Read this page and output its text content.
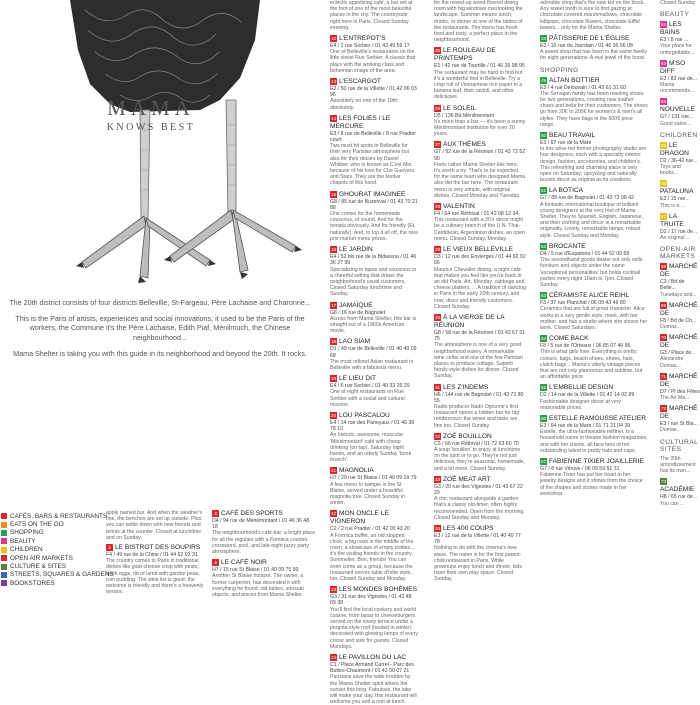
MAMA
KNOWS BEST

The 20th district consists of four districts Belleville, St-Fargeau, Père Lachaise and Charonne...

This is the Paris of artists, experiences and social innovations, it used to be the Paris of the workers, the Commune it's the Père Lachaise, Edith Piaf, Ménilmuch, the Chinese neighbourhood...

Mama Shelter is taking you with this guide in its neighborhood and beyond the 20th. It rocks.

CAFÉS, BARS & RESTAURANTS
EATS ON THE GO
SHOPPING
BEAUTY
CHILDREN
OPEN AIR MARKETS
CULTURE & SITES
STREETS, SQUARES & GARDENS
BOOKSTORES
apply named bar. And when the weather's fine, the benches are set up outside. Plus, you can settle down with new friends and tennis at the counter. Closed at lunchtime and on Sunday.
2 LE BISTROT DES SOUPIRS
F4 / 49 rue de la Chine / 01 44 62 93 31
The country comes to Paris in traditional dishes like goat-cheese crisp with pesto, fresh eggs, rib of lamb with garden peas, rum pudding. The wine list is good, the welcome is friendly and there's a heavenly terrace.
3 CAFÉ DES SPORTS
D4 / 94 rue de Ménilmontant / 01 46 36 48 18
The neighbourhood's café-bar: a bright place for all the regulars with a Formica counter, crossword, pool, and late-night jazzy party atmosphere.
4 LE CAFÉ NOIR
H7 / 15 rue St Blaise / 01 40 09 75 80
Another St Blaise hotspot. The owner, a former carpenter, has decorated it with everything he found: old tables, unusual objects, and pieces from Mama Shelter.
eclectic appetizing café, a bar set at the foot of one of the most beautiful places in the city. The countryside right here in Paris. Closed Sunday evening.
12 L'ENTREPOT'S
E4 / 2 rue Sorbier / 01 43 49 59 17
One of Belleville's restaurants on the little street Rue Sorbier. A classic that plays with the working class and bohemian image of the area.
13 L'ESCARGOT
E2 / 50 rue de la Villette / 01 42 06 03 96
Absolutely no one of the 19th: absolutely.
14 LES FOLIES / LE MERCURE
E3 / 8 rue de Belleville / 8 rue Pradier court
Two must hit spots in Belleville for their very Parisian atmosphere but also for their decors by Daniel Whitber, who is known as C'est Moi, because of his love for Che Guevara and Stars. They are the festive chapels of this hood.
15 GHOURAT IMAGINEE
G8 / 85 rue de Buzenval / 01 43 70 21 88
One comes for the homemade couscous, of sound. And for the temata obviously. And for friendly (Et, naturally). And, to top it all off, the new prix-market menu prices.
16 LE JARDIN
E4 / 52 bis rue de la Bidassoa / 01 46 36 27 99
Specializing in tapas and couscous in a cheerful setting that draws the neighborhood's usual customers. Closed Saturday lunchtime and Sunday.
17 JAMAÏQUE
G8 / 16 rue de Bagnolet
Across from Mama Shelter, this bar is straight out of a 1960s American movie.
18 LAO SIAM
D1 / 49 rue de Belleville / 01 40 40 09 68
The most refined Asian restaurant in Belleville with a fabulous menu.
19 LE LIEU DIT
E4 / 6 rue Sorbier / 01 40 33 26 29
One of eight restaurants on Rue Sorbier with a social and cultural mission.
20 LOU PASCALOU
E4 / 14 rue des Panoyaux / 01 46 36 78 10
An historic, awesome, muscular 'Ménilmontant' café with cheap drinking (on tap). Saturday night bands, and an utterly Sunday 'book brunch'.
21 MAGNOLIA
H7 / 29 rue St Blaise / 01 40 09 19 79
A few menu to sample in the St Blaise, served under a beautiful magnolia tree. Closed Sunday in winter.
22 MON ONCLE LE VIGNERON
C2 / 2 rue Pradier / 01 42 00 43 20
A Formica buffet, an old stopped clock, a big cask in the middle of the room, a showcase of empty bottles... it's the visiting friends in the country. Sommelier. Bon, friends! You can even come as a group, because the restaurant serves table d'hôte style, too. Closed Sunday and Monday.
23 LES MONDES BOHÈMES
G3 / 31 rue des Vignoles / 01 43 48 69 38
You'll find the local cookery and world cuisine, from tapas to cheeseburgers served on the lovely terrace under a pergola-style roof (heated in winter) decorated with glowing lamps of every colour and size for guests. Closed Mondays.
24 LE PAVILLON DU LAC
C1 / Place Armand Carrel - Parc des Buttes-Chaumont / 01 42 00 07 21
Parisians save the wide trodden by the Mama Shelter spirit where the sunset this long. Fabulous, the lake will make your day, this restaurant will welcome you and a rest at lunch.
for the mixed-up wood-floored dining room with big windows overlooking the landscape. Summer means lunch, drinks, or dinner at one of the tables of the restaurants. The menu has fresh food and tasty, a perfect place in the neighbourhood.
25 LE ROULEAU DE PRINTEMPS
E1 / 42 rue de Tourtille / 01 46 36 98 95
The restaurant may be hard to find but it's a wonderful find in Belleville. Try a crisp roll of Vietnamese rice paper in a banana leaf, their ravioli, and other delicacies.
26 LE SOLEIL
D5 / 136 Bd Ménilmontant
It's more than a bar — it's been a sunny Ménilmontant institution for over 20 years.
27 AUX THÈMES
G7 / 92 rue de la Réunion / 01 43 72 52 90
Feels rather Mama Shelter-like here. It's worth a try. That's to be expected, for the same team who designed Mama also did the bar here. The restaurant menu is very simple, with original dishes. Closed Monday and Tuesday.
28 VALENTIN
F4 / 64 rue Réthival / 01 42 08 12 34
This restaurant with a 30's decor might be a culinary branch of the U.N. Thai-Caribbean, Argentinian dishes, an open menu. Closed Sunday, Monday.
29 LE VIEUX BELLEVILLE
D3 / 12 rue des Envierges / 01 44 62 92 66
Maurice Chevalier dining, a night café that makes you feel like you're back in an old Paris. Art, Monday, cabbage and cheese platters, ... A tradition of dancing in Paris in the early 20th century, and now, disco and friendly customers. Closed Sunday.
30 À LA VIERGE DE LA RÉUNION
G8 / 58 rue de la Réunion / 01 43 67 51 75
The atmosphere is one of a very good neighborhood eatery. A remarkable wine cellar and one of the few Parisian places to produce cottage. Superb family-style dishes for dinner. Closed Sunday.
31 LES Z'INDEMS
H6 / 144 rue de Bagnolet / 01 43 73 80 55
Radio producer Nadir Ogoume's first restaurant opens a hidden bar for big rendezvous; the wines and taste are fine too. Closed Sunday.
32 ZOÉ BOUILLON
C3 / 66 rue Réthival / 01 72 63 60 70
A soup 'bouillon' to enjoy at lunchtime on the spot or to go. They're not just delicious, they're seasonal, homemade, and a bit more. Closed Sunday.
33 ZOÉ MEAT ART
G3 / 20 rue des Vignoles / 01 43 67 22 29
A chic restaurant alongside a garden that's a classy old-timer, often highly recommended. Open from the morning. Closed Sunday and Monday.
34 LES 400 COUPS
E3 / 12 rue de la Villette / 01 40 40 77 78
Nothing to do with the cinema's new wave. The name is for the first parent-child restaurant in Paris. While grownups enjoy lunch and dinner, kids have their own play space. Closed Sunday.
adorable shop that's the new kid on the block. Any sweet tooth is sure to find gazing at chocolate-covered marshmallows, chocolate lollipops, chocolate flowers, chocolate Eiffel towers... only for the Mama Shelter.
48 PÂTISSERIE DE L'ÉGLISE
E3 / 10 rue du Jourdain / 01 46 36 66 08
A sweet shop that has been in the same family for eight generations. A real jewel of the hood.
SHOPPING
49 ALTAN BOTTIER
E3 / 4 rue Delouvain / 01 43 61 31 60
The Servajan family has been resoling shoes for two generations, creating new leather shoes and belts for their customers. The shoes go from 20€ to 200€ for women's & men's all styles. They have bags in the 600€ price range.
50 BEAU TRAVAIL
E3 / 67 rue de la Mare
In this wine-red former photography studio are four designers, each with a specialty interior design, fashion, accessories, and children's. This refreshing and charming place is only open on Saturday; upcycling and naturally boosts décor as original as its creations.
51 LA BOTICA
G7 / 89 rue de Bagnolet / 01 43 72 08 42
A fantastic international boutique of brilliant young designers at the very foot of Mama Shelter. They're Spanish, English, Japanese, and their clothing and décor is a remarkable originality. Lovely, remarkable lamps, robust style. Closed Sunday and Monday.
52 BROCANTE
D4 / 5 rue d'Eupatoria / 01 44 62 00 69
This secondhand goods dealer not only sells furniture and objects under the name 'exceptional personalities' but holds cocktail parties every night 10am to 7pm. Closed Sunday.
53 CÉRAMISTE ALICE REIHL
F3 / 37 rue Planchat / 06 09 43 49 80
Ceramics that are full of great character. Alice works in a very gentle style, meet, with her mother, and has a studio where she shows her work. Closed Saturdays.
54 COME BACK
F8 / 5 rue de l'Orteaux / 06 85 07 46 96
This is what girls love. Everything is pretty: colours, bags, beach shoes, shoes, hats, clutch bags... Mama's utterly vintage pieces that are not only glamorous and sublime, but an affordable price.
55 L'EMBELLIE DESIGN
D2 / 14 rue de la Villette / 01 42 14 02 89
Fashionable designer décor at very reasonable prices.
56 ESTELLE RAMOUSSE ATELIER
E3 / 64 rue de la Mare / 01 71 21 04 39
Estelle, the ultra-fashionable milliner, is a household name in theatre fashion magazines, and with her clients, all face fans of her outstanding talent in pretty hats and caps.
57 FABIENNE TIXIER JOAILLERIE
G7 / 8 rue Vitruve / 06 09 59 51 31
Fabienne Tixier has put her heart in her jewelry designs and it shows from the choice of the shapes and stones made in her workshop.
Closed Sunday
BEAUTY
62 LES BAINS
E3 / 8 rue ...
Your place for unforgettable...
63 M'SO DIFF
E3 / 83 rue de...
Mama recommends...
64NOUVELLE
G7 / 131 rue...
Good salon...
CHILDREN
65 LE DRAGON
D2 / 36-42 rue...
Toys and books...
66PATALUNA
E3 / 15 rue...
This is a ...
67 LA TRUITE
D2 / 17 rue de...
An original ...
OPEN-AIR MARKETS
68 MARCHÉ DE
C3 / Bd de Belle...
Tuesdays and...
69 MARCHÉ DE
F8 / Bd de Ch...
Dumas...
70 MARCHÉ DE
G3 / Place de...
Alexandre Dumas...
71 MARCHÉ DE
D7 / Pl des Fêtes
The Air Ma...
72 MARCHÉ DE
E3 / rue St Bla...
Dumas...
CULTURAL SITES
The 20th arrondissement has its own...
73ACADÉMIE
H8 / 65 rue de...
You can ...
